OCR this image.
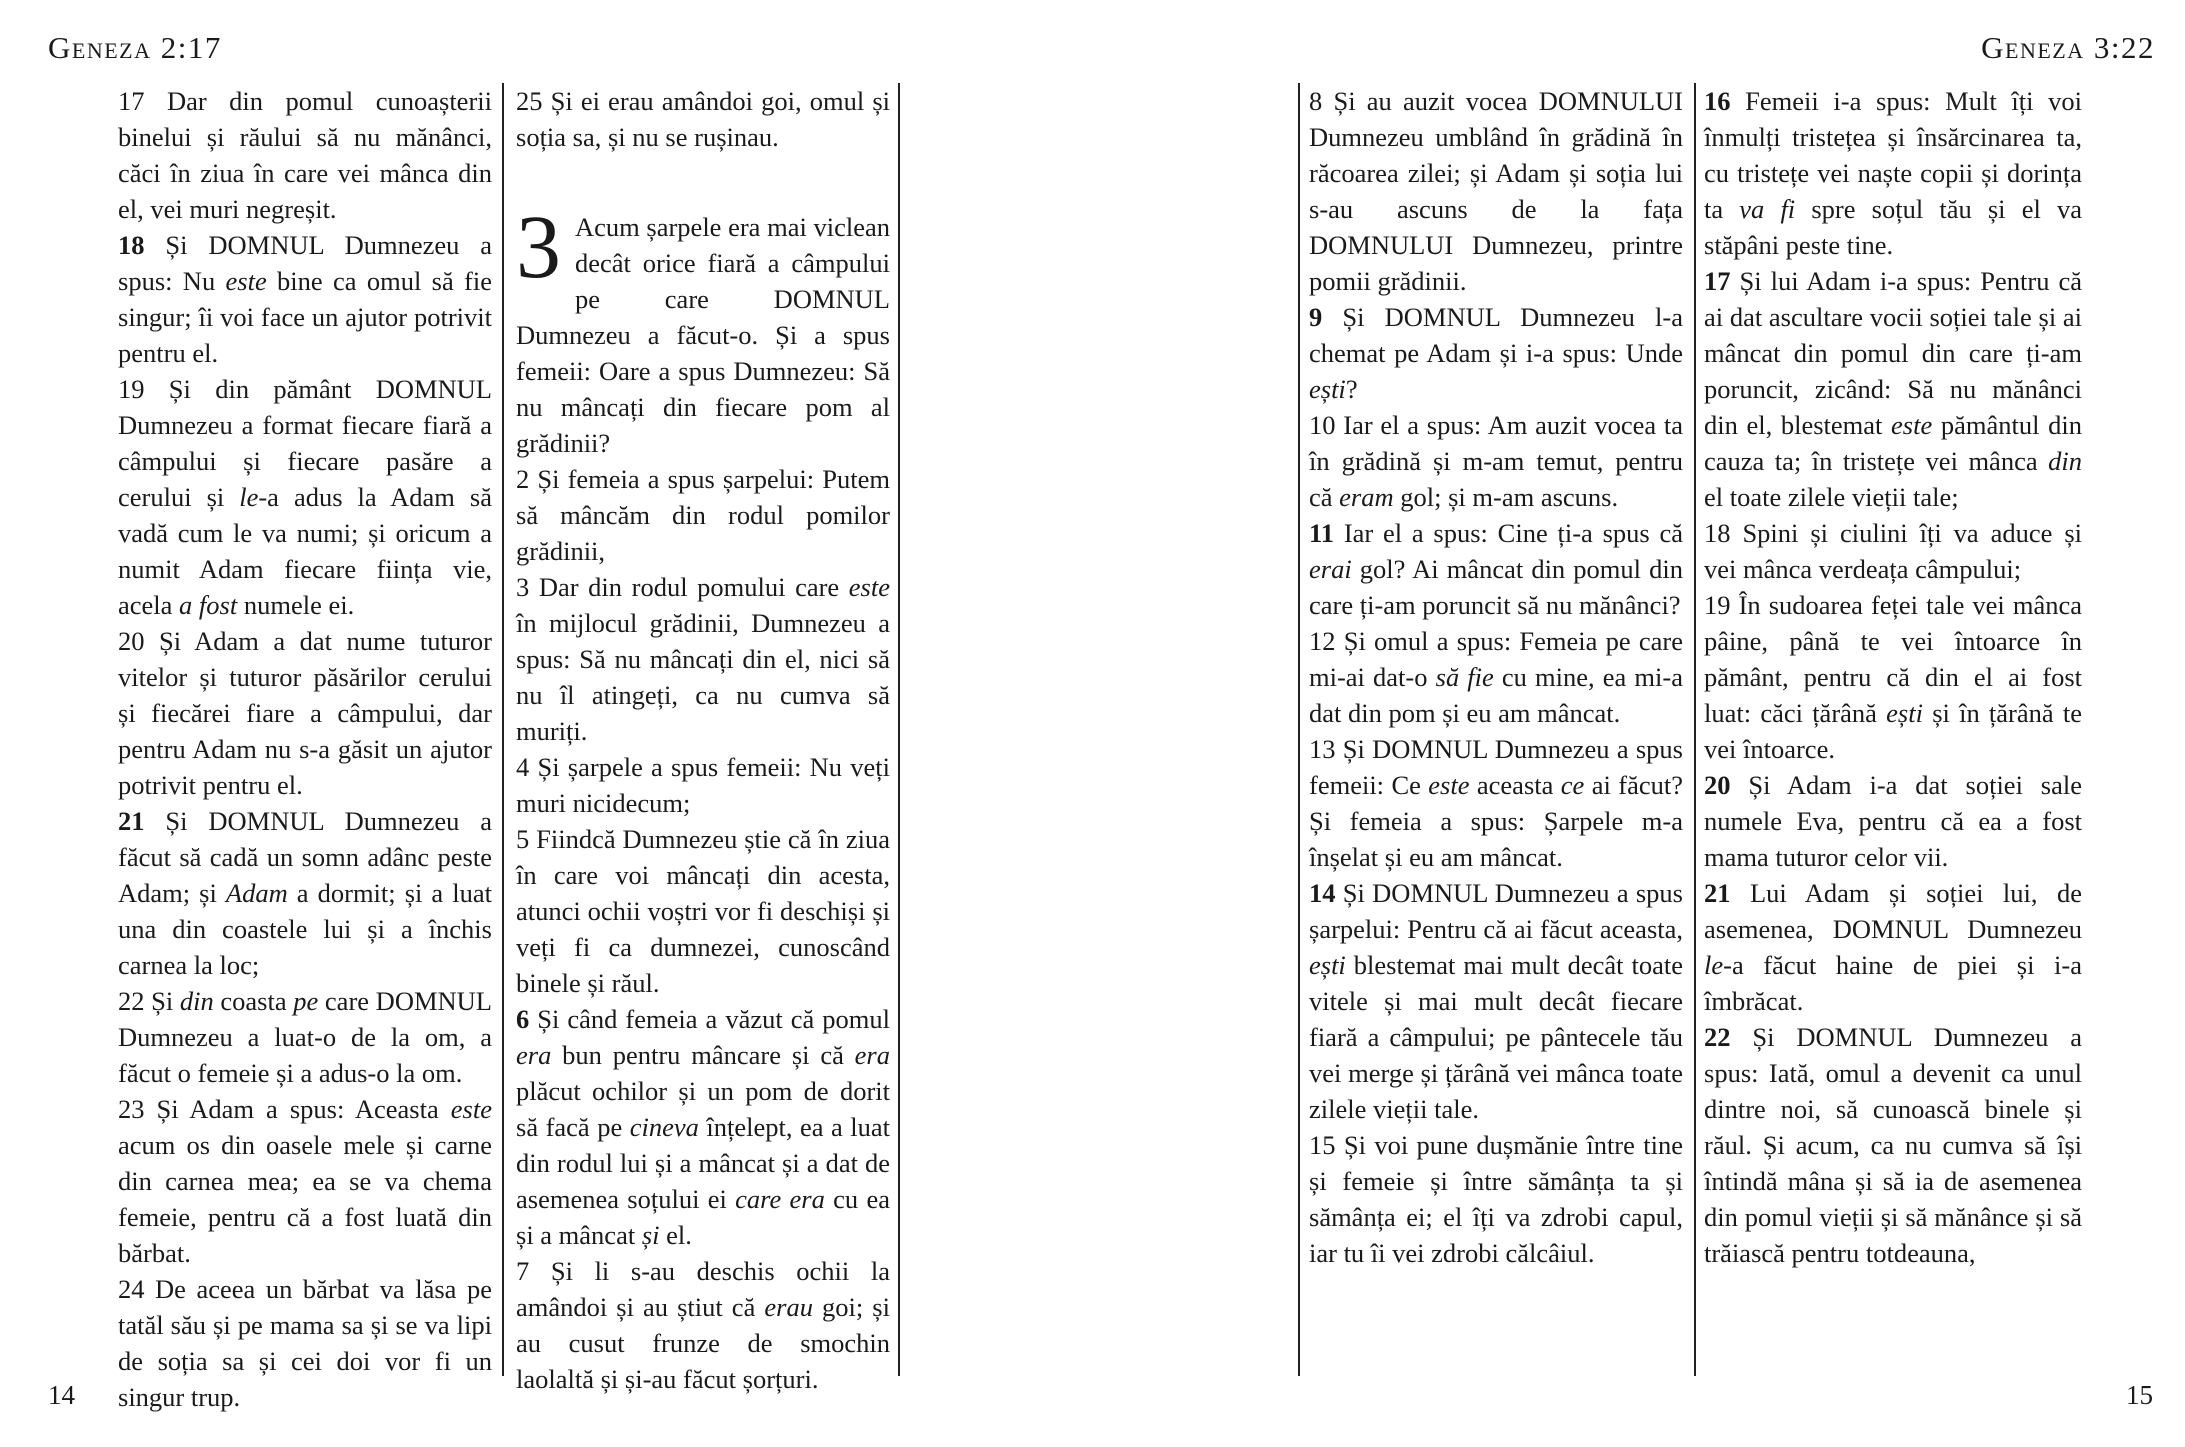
Geneza 2:17	Geneza 3:22
17 Dar din pomul cunoașterii binelui și răului să nu mănânci, căci în ziua în care vei mânca din el, vei muri negreșit.
18 Și DOMNUL Dumnezeu a spus: Nu este bine ca omul să fie singur; îi voi face un ajutor potrivit pentru el.
19 Și din pământ DOMNUL Dumnezeu a format fiecare fiară a câmpului și fiecare pasăre a cerului și le-a adus la Adam să vadă cum le va numi; și oricum a numit Adam fiecare ființa vie, acela a fost numele ei.
20 Și Adam a dat nume tuturor vitelor și tuturor păsărilor cerului și fiecărei fiare a câmpului, dar pentru Adam nu s-a găsit un ajutor potrivit pentru el.
21 Și DOMNUL Dumnezeu a făcut să cadă un somn adânc peste Adam; și Adam a dormit; și a luat una din coastele lui și a închis carnea la loc;
22 Și din coasta pe care DOMNUL Dumnezeu a luat-o de la om, a făcut o femeie și a adus-o la om.
23 Și Adam a spus: Aceasta este acum os din oasele mele și carne din carnea mea; ea se va chema femeie, pentru că a fost luată din bărbat.
24 De aceea un bărbat va lăsa pe tatăl său și pe mama sa și se va lipi de soția sa și cei doi vor fi un singur trup.
25 Și ei erau amândoi goi, omul și soția sa, și nu se rușinau.
3 Acum șarpele era mai viclean decât orice fiară a câmpului pe care DOMNUL Dumnezeu a făcut-o. Și a spus femeii: Oare a spus Dumnezeu: Să nu mâncați din fiecare pom al grădinii?
2 Și femeia a spus șarpelui: Putem să mâncăm din rodul pomilor grădinii,
3 Dar din rodul pomului care este în mijlocul grădinii, Dumnezeu a spus: Să nu mâncați din el, nici să nu îl atingeți, ca nu cumva să muriți.
4 Și șarpele a spus femeii: Nu veți muri nicidecum;
5 Fiindcă Dumnezeu știe că în ziua în care voi mâncați din acesta, atunci ochii voștri vor fi deschiși și veți fi ca dumnezei, cunoscând binele și răul.
6 Și când femeia a văzut că pomul era bun pentru mâncare și că era plăcut ochilor și un pom de dorit să facă pe cineva înțelept, ea a luat din rodul lui și a mâncat și a dat de asemenea soțului ei care era cu ea și a mâncat și el.
7 Și li s-au deschis ochii la amândoi și au știut că erau goi; și au cusut frunze de smochin laolaltă și și-au făcut șorțuri.
8 Și au auzit vocea DOMNULUI Dumnezeu umblând în grădină în răcoarea zilei; și Adam și soția lui s-au ascuns de la fața DOMNULUI Dumnezeu, printre pomii grădinii.
9 Și DOMNUL Dumnezeu l-a chemat pe Adam și i-a spus: Unde ești?
10 Iar el a spus: Am auzit vocea ta în grădină și m-am temut, pentru că eram gol; și m-am ascuns.
11 Iar el a spus: Cine ți-a spus că erai gol? Ai mâncat din pomul din care ți-am poruncit să nu mănânci?
12 Și omul a spus: Femeia pe care mi-ai dat-o să fie cu mine, ea mi-a dat din pom și eu am mâncat.
13 Și DOMNUL Dumnezeu a spus femeii: Ce este aceasta ce ai făcut? Și femeia a spus: Șarpele m-a înșelat și eu am mâncat.
14 Și DOMNUL Dumnezeu a spus șarpelui: Pentru că ai făcut aceasta, ești blestemat mai mult decât toate vitele și mai mult decât fiecare fiară a câmpului; pe pântecele tău vei merge și țărână vei mânca toate zilele vieții tale.
15 Și voi pune dușmănie între tine și femeie și între sămânța ta și sămânța ei; el îți va zdrobi capul, iar tu îi vei zdrobi călcâiul.
16 Femeii i-a spus: Mult îți voi înmulți tristețea și însărcinarea ta, cu tristețe vei naște copii și dorința ta va fi spre soțul tău și el va stăpâni peste tine.
17 Și lui Adam i-a spus: Pentru că ai dat ascultare vocii soției tale și ai mâncat din pomul din care ți-am poruncit, zicând: Să nu mănânci din el, blestemat este pământul din cauza ta; în tristețe vei mânca din el toate zilele vieții tale;
18 Spini și ciulini îți va aduce și vei mânca verdeața câmpului;
19 În sudoarea feței tale vei mânca pâine, până te vei întoarce în pământ, pentru că din el ai fost luat: căci țărână ești și în țărână te vei întoarce.
20 Și Adam i-a dat soției sale numele Eva, pentru că ea a fost mama tuturor celor vii.
21 Lui Adam și soției lui, de asemenea, DOMNUL Dumnezeu le-a făcut haine de piei și i-a îmbrăcat.
22 Și DOMNUL Dumnezeu a spus: Iată, omul a devenit ca unul dintre noi, să cunoască binele și răul. Și acum, ca nu cumva să își întindă mâna și să ia de asemenea din pomul vieții și să mănânce și să trăiască pentru totdeauna,
14	15
